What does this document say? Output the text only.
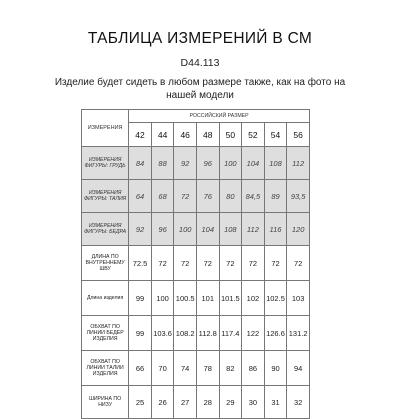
ТАБЛИЦА ИЗМЕРЕНИЙ В СМ
D44.113
Изделие будет сидеть в любом размере также, как на фото на
нашей модели
ИЗМЕРЕНИЯ	РОССИЙСКИЙ РАЗМЕР							
	42	44	46	48	50	52	54	56
ИЗМЕРЕНИЯ ФИГУРЫ: ГРУДЬ	84	88	92	96	100	104	108	112
ИЗМЕРЕНИЯ ФИГУРЫ: ТАЛИЯ	64	68	72	76	80	84,5	89	93,5
ИЗМЕРЕНИЯ ФИГУРЫ: БЕДРА	92	96	100	104	108	112	116	120
ДЛИНА ПО ВНУТРЕННЕМУ ШВУ	72.5	72	72	72	72	72	72	72
Длина изделия	99	100	100.5	101	101.5	102	102.5	103
ОБХВАТ ПО ЛИНИИ БЕДЕР ИЗДЕЛИЯ	99	103.6	108.2	112.8	117.4	122	126.6	131.2
ОБХВАТ ПО ЛИНИИ ТАЛИИ ИЗДЕЛИЯ	66	70	74	78	82	86	90	94
ШИРИНА ПО НИЗУ	25	26	27	28	29	30	31	32
